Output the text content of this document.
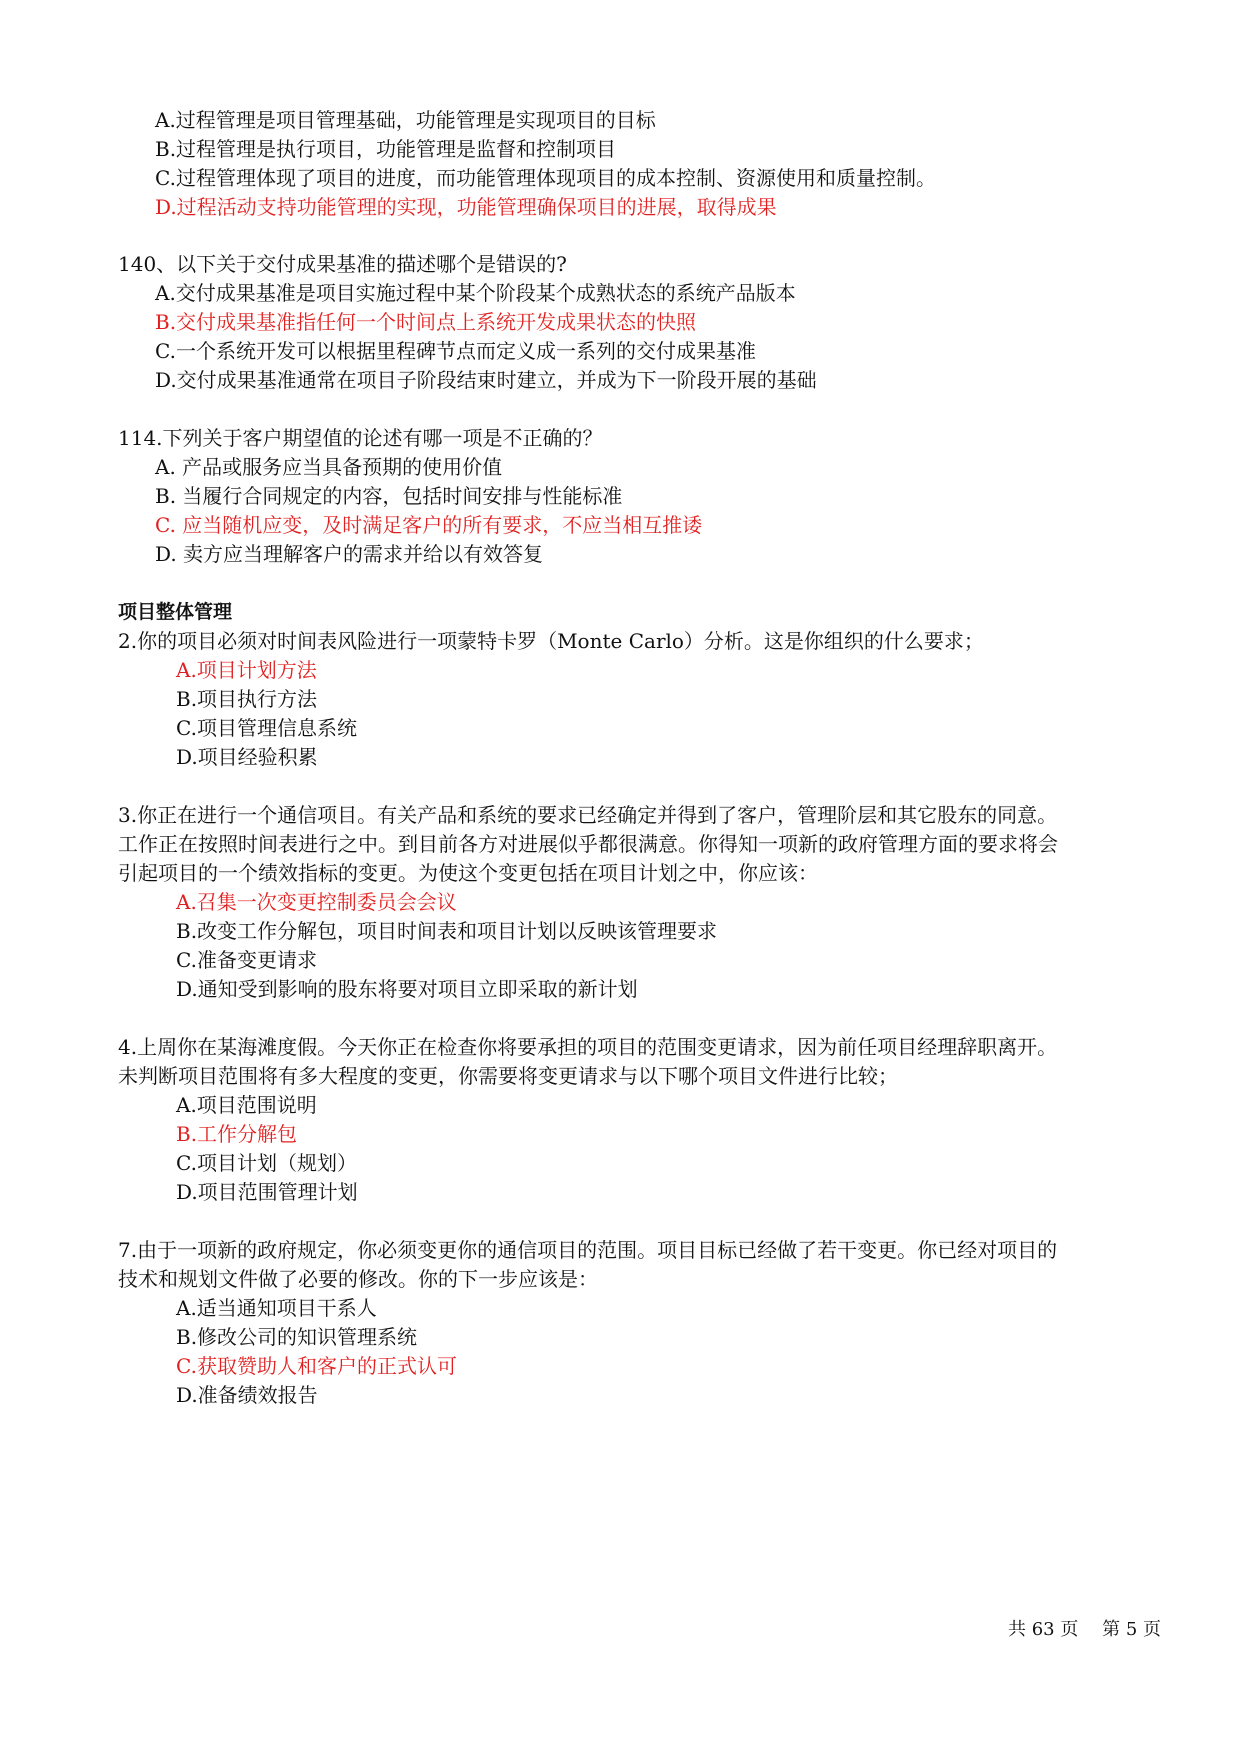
A.过程管理是项目管理基础，功能管理是实现项目的目标
B.过程管理是执行项目，功能管理是监督和控制项目
C.过程管理体现了项目的进度，而功能管理体现项目的成本控制、资源使用和质量控制。
D.过程活动支持功能管理的实现，功能管理确保项目的进展，取得成果
140、以下关于交付成果基准的描述哪个是错误的?
A.交付成果基准是项目实施过程中某个阶段某个成熟状态的系统产品版本
B.交付成果基准指任何一个时间点上系统开发成果状态的快照
C.一个系统开发可以根据里程碑节点而定义成一系列的交付成果基准
D.交付成果基准通常在项目子阶段结束时建立，并成为下一阶段开展的基础
114.下列关于客户期望值的论述有哪一项是不正确的？
A. 产品或服务应当具备预期的使用价值
B. 当履行合同规定的内容，包括时间安排与性能标准
C. 应当随机应变，及时满足客户的所有要求，不应当相互推诿
D. 卖方应当理解客户的需求并给以有效答复
项目整体管理
2.你的项目必须对时间表风险进行一项蒙特卡罗（Monte Carlo）分析。这是你组织的什么要求；
A.项目计划方法
B.项目执行方法
C.项目管理信息系统
D.项目经验积累
3.你正在进行一个通信项目。有关产品和系统的要求已经确定并得到了客户，管理阶层和其它股东的同意。
工作正在按照时间表进行之中。到目前各方对进展似乎都很满意。你得知一项新的政府管理方面的要求将会
引起项目的一个绩效指标的变更。为使这个变更包括在项目计划之中，你应该：
A.召集一次变更控制委员会会议
B.改变工作分解包，项目时间表和项目计划以反映该管理要求
C.准备变更请求
D.通知受到影响的股东将要对项目立即采取的新计划
4.上周你在某海滩度假。今天你正在检查你将要承担的项目的范围变更请求，因为前任项目经理辞职离开。
未判断项目范围将有多大程度的变更，你需要将变更请求与以下哪个项目文件进行比较；
A.项目范围说明
B.工作分解包
C.项目计划（规划）
D.项目范围管理计划
7.由于一项新的政府规定，你必须变更你的通信项目的范围。项目目标已经做了若干变更。你已经对项目的
技术和规划文件做了必要的修改。你的下一步应该是：
A.适当通知项目干系人
B.修改公司的知识管理系统
C.获取赞助人和客户的正式认可
D.准备绩效报告
共 63 页 第 5 页
